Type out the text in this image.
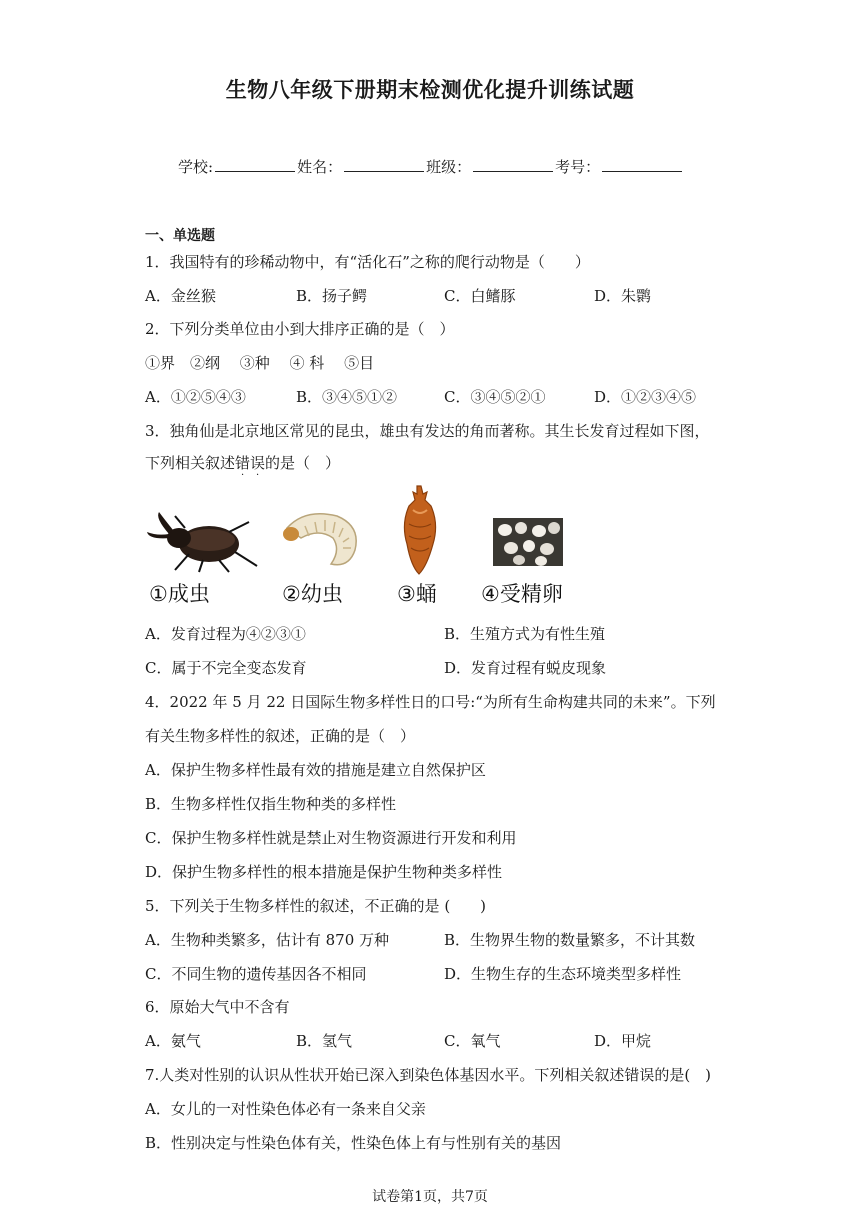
生物八年级下册期末检测优化提升训练试题
学校:	姓名：	班级：	考号：
一、单选题
1．我国特有的珍稀动物中，有“活化石”之称的爬行动物是（　　）
A．金丝猴	B．扬子鳄	C．白鳍豚	D．朱鹮
2．下列分类单位由小到大排序正确的是（　）
①界　②纲　 ③种　 ④ 科　 ⑤目
A．①②⑤④③	B．③④⑤①②	C．③④⑤②①	D．①②③④⑤
3．独角仙是北京地区常见的昆虫，雄虫有发达的角而著称。其生长发育过程如下图，
下列相关叙述错误的是（　）
· ·
①成虫	②幼虫	③蛹 ④受精卵
A．发育过程为④②③①	B．生殖方式为有性生殖
C．属于不完全变态发育	D．发育过程有蜕皮现象
4．2022 年 5 月 22 日国际生物多样性日的口号:“为所有生命构建共同的未来”。下列
有关生物多样性的叙述，正确的是（　）
A．保护生物多样性最有效的措施是建立自然保护区
B．生物多样性仅指生物种类的多样性
C．保护生物多样性就是禁止对生物资源进行开发和利用
D．保护生物多样性的根本措施是保护生物种类多样性
5．下列关于生物多样性的叙述，不正确的是 (　　)
A．生物种类繁多，估计有 870 万种	B．生物界生物的数量繁多，不计其数
C．不同生物的遗传基因各不相同	D．生物生存的生态环境类型多样性
6．原始大气中不含有
A．氨气	B．氢气	C．氧气	D．甲烷
7.人类对性别的认识从性状开始已深入到染色体基因水平。下列相关叙述错误的是(　)
A．女儿的一对性染色体必有一条来自父亲
B．性别决定与性染色体有关，性染色体上有与性别有关的基因
试卷第1页，共7页
